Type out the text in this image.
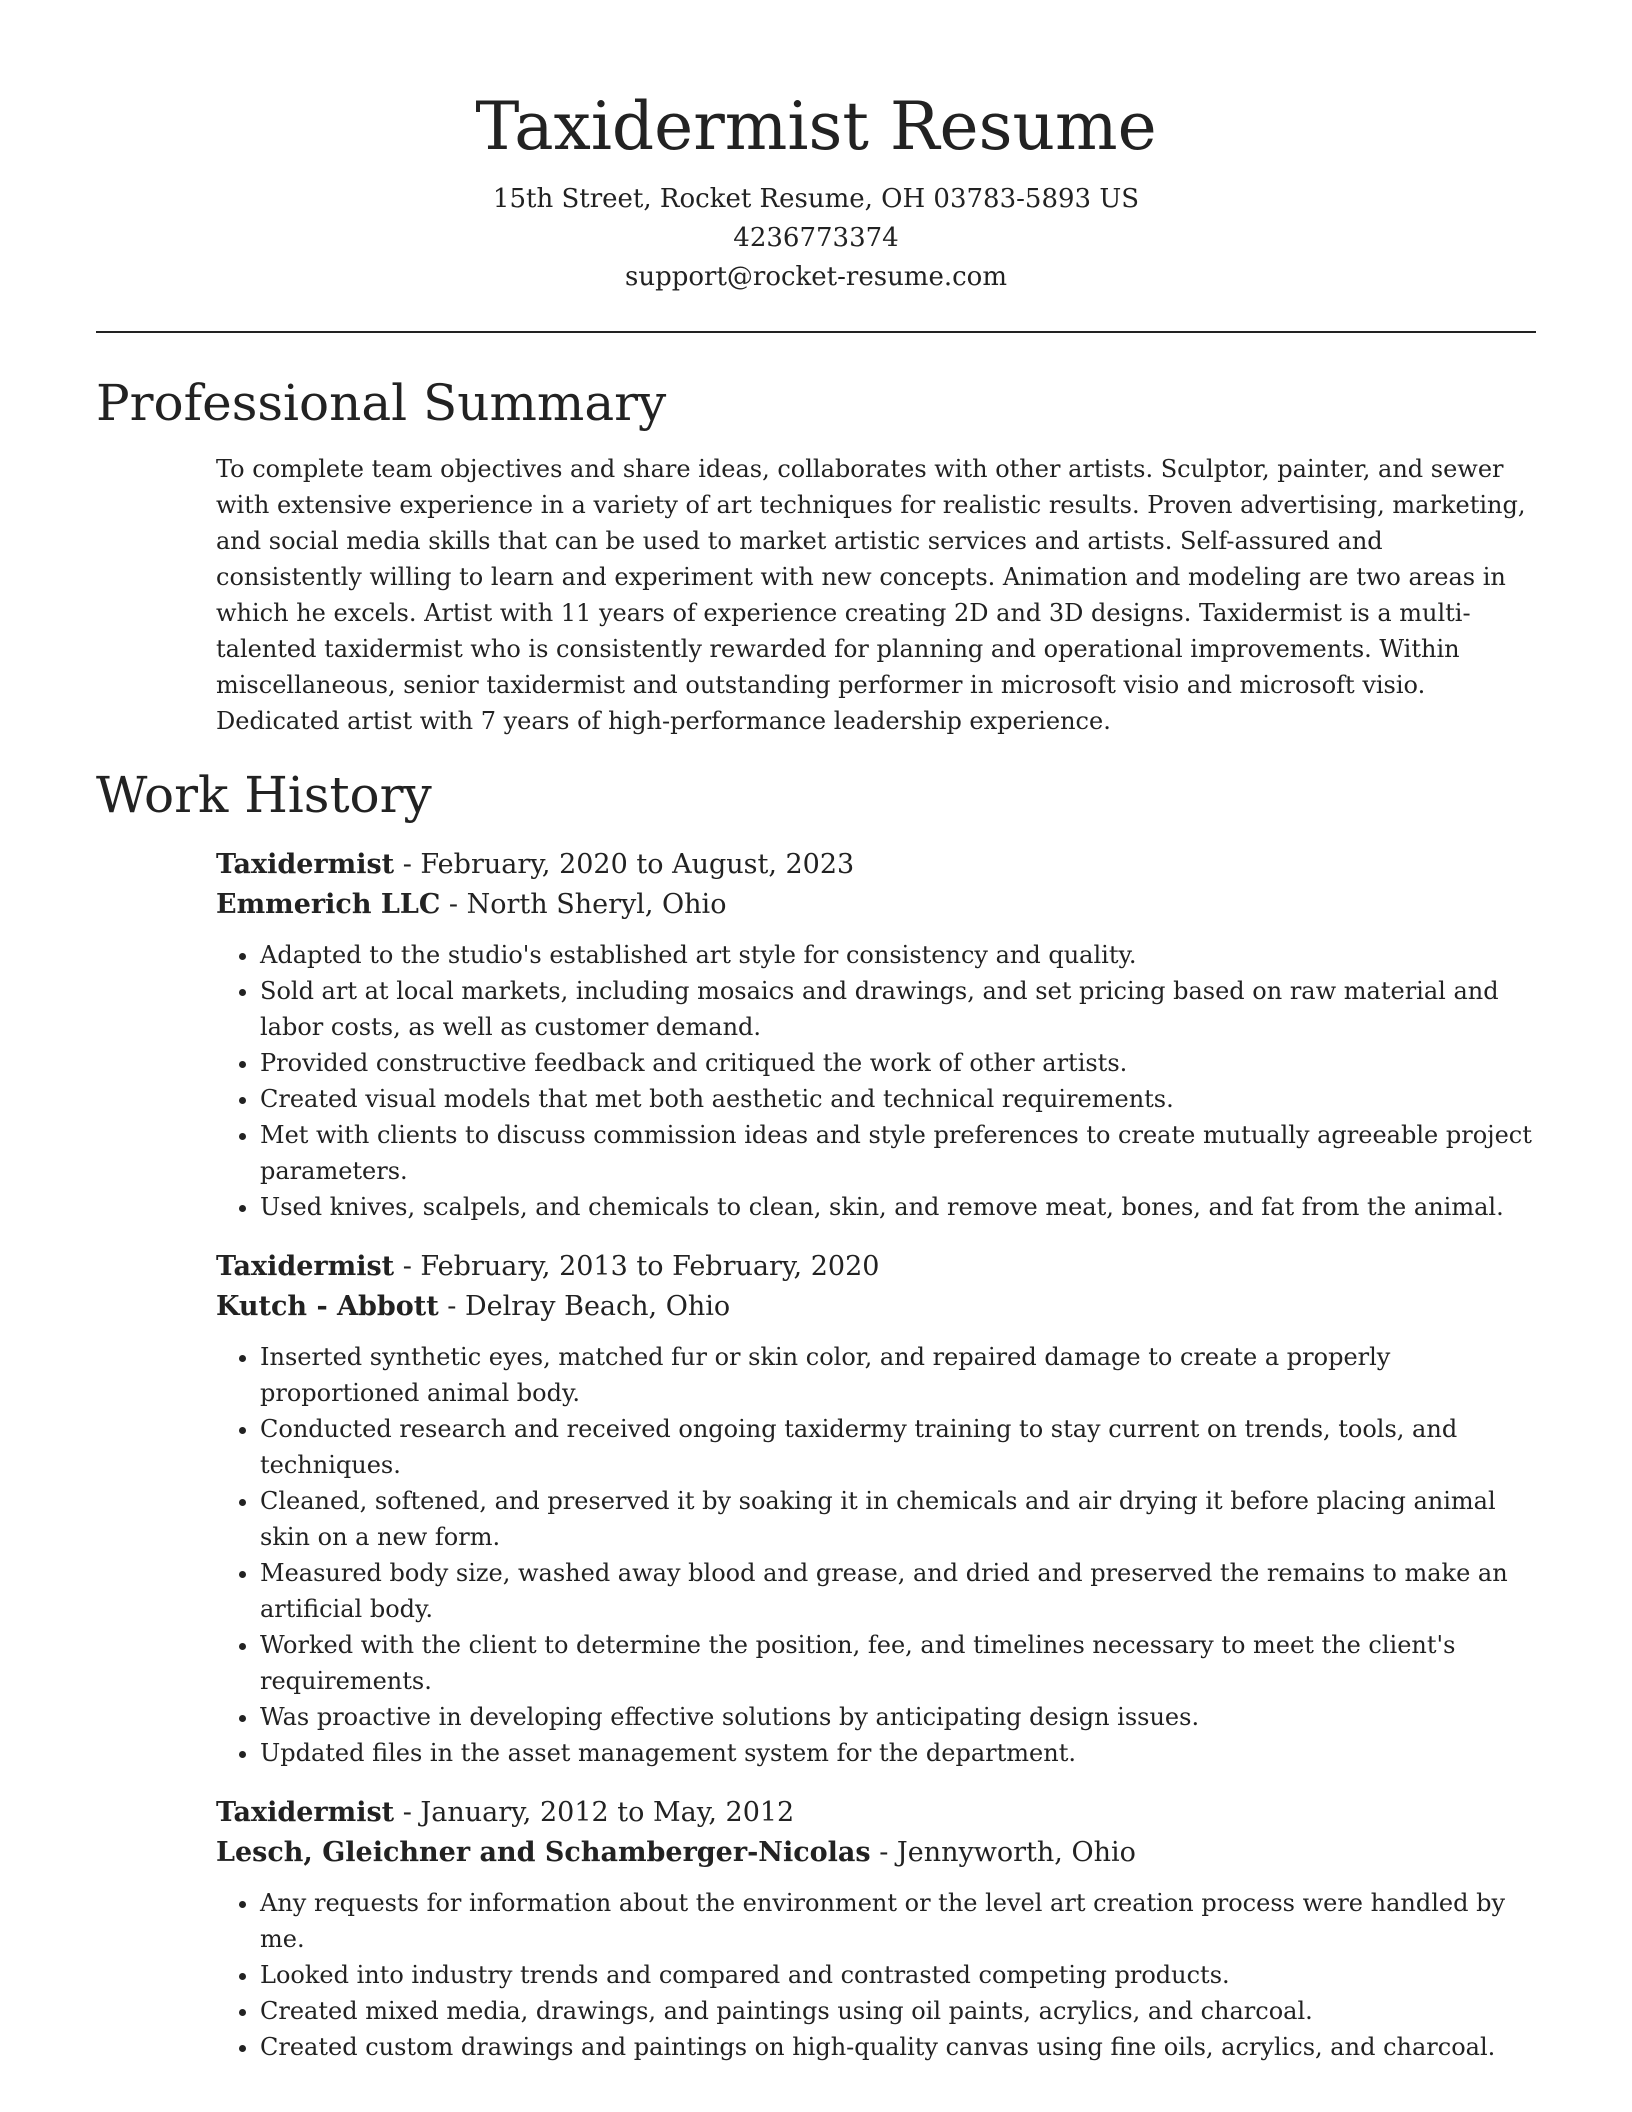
Taxidermist Resume

15th Street, Rocket Resume, OH 03783-5893 US

4236773374

support@rocket-resume.com

Professional Summary

To complete team objectives and share ideas, collaborates with other artists. Sculptor, painter, and sewer with extensive experience in a variety of art techniques for realistic results. Proven advertising, marketing, and social media skills that can be used to market artistic services and artists. Self-assured and consistently willing to learn and experiment with new concepts. Animation and modeling are two areas in which he excels. Artist with 11 years of experience creating 2D and 3D designs. Taxidermist is a multi-talented taxidermist who is consistently rewarded for planning and operational improvements. Within miscellaneous, senior taxidermist and outstanding performer in microsoft visio and microsoft visio. Dedicated artist with 7 years of high-performance leadership experience.

Work History

Taxidermist - February, 2020 to August, 2023

Emmerich LLC - North Sheryl, Ohio

• Adapted to the studio's established art style for consistency and quality.
• Sold art at local markets, including mosaics and drawings, and set pricing based on raw material and labor costs, as well as customer demand.
• Provided constructive feedback and critiqued the work of other artists.
• Created visual models that met both aesthetic and technical requirements.
• Met with clients to discuss commission ideas and style preferences to create mutually agreeable project parameters.
• Used knives, scalpels, and chemicals to clean, skin, and remove meat, bones, and fat from the animal.

Taxidermist - February, 2013 to February, 2020

Kutch - Abbott - Delray Beach, Ohio

• Inserted synthetic eyes, matched fur or skin color, and repaired damage to create a properly proportioned animal body.
• Conducted research and received ongoing taxidermy training to stay current on trends, tools, and techniques.
• Cleaned, softened, and preserved it by soaking it in chemicals and air drying it before placing animal skin on a new form.
• Measured body size, washed away blood and grease, and dried and preserved the remains to make an artificial body.
• Worked with the client to determine the position, fee, and timelines necessary to meet the client's requirements.
• Was proactive in developing effective solutions by anticipating design issues.
• Updated files in the asset management system for the department.

Taxidermist - January, 2012 to May, 2012

Lesch, Gleichner and Schamberger-Nicolas - Jennyworth, Ohio

• Any requests for information about the environment or the level art creation process were handled by me.
• Looked into industry trends and compared and contrasted competing products.
• Created mixed media, drawings, and paintings using oil paints, acrylics, and charcoal.
• Created custom drawings and paintings on high-quality canvas using fine oils, acrylics, and charcoal.
